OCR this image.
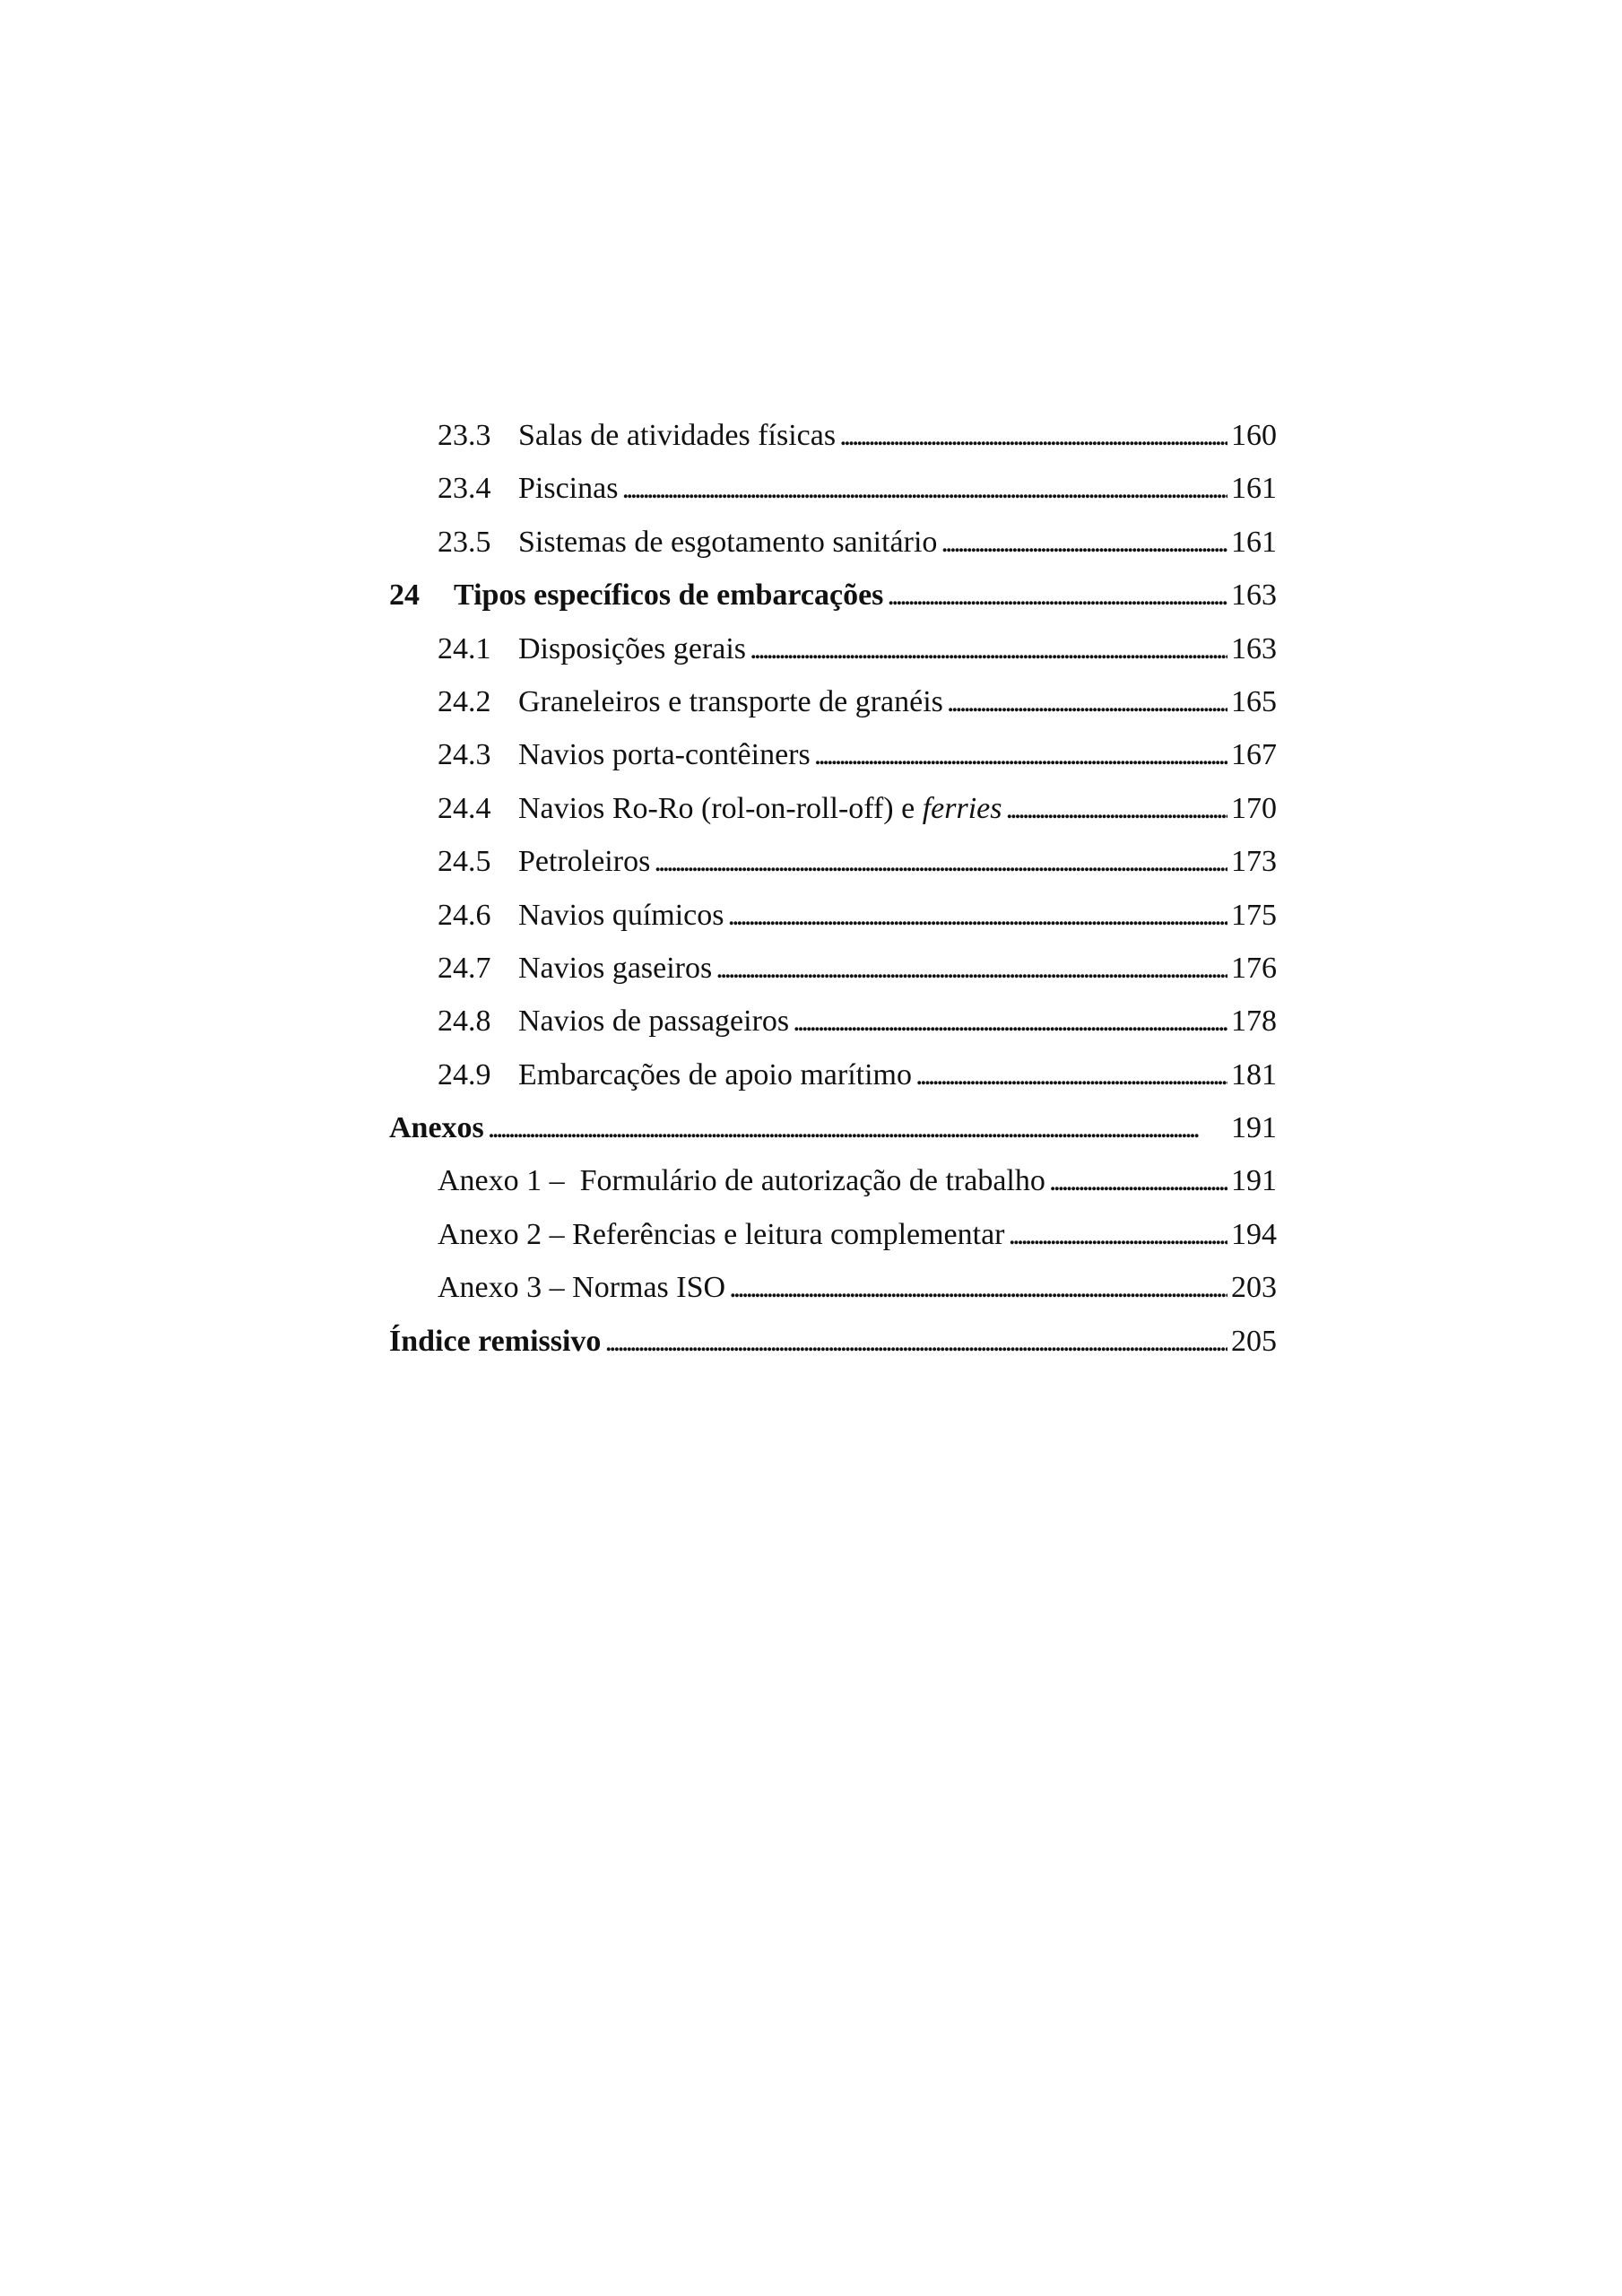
23.3 Salas de atividades físicas . . .	160
23.4 Piscinas . . .	161
23.5 Sistemas de esgotamento sanitário . . .	161
24	Tipos específicos de embarcações . . .	163
24.1 Disposições gerais . . .	163
24.2 Graneleiros e transporte de granéis . . .	165
24.3 Navios porta-contêiners . . .	167
24.4 Navios Ro-Ro (rol-on-roll-off) e ferries . . .	170
24.5 Petroleiros . . .	173
24.6 Navios químicos . . .	175
24.7 Navios gaseiros . . .	176
24.8 Navios de passageiros . . .	178
24.9 Embarcações de apoio marítimo . . .	181
Anexos . . .	191
Anexo 1 –  Formulário de autorização de trabalho . . .	191
Anexo 2 – Referências e leitura complementar . . .	194
Anexo 3 – Normas ISO . . .	203
Índice remissivo . . .	205
